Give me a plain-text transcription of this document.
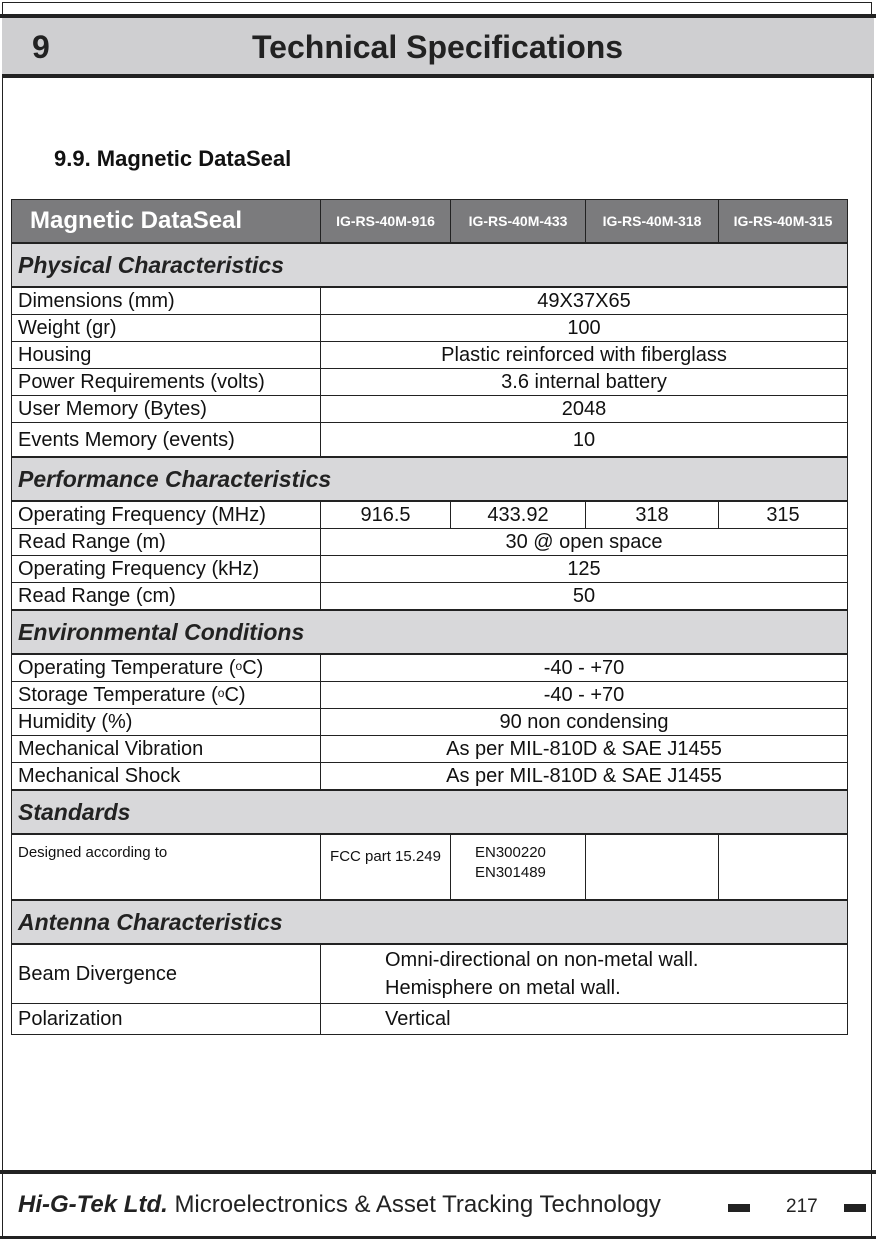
9	Technical Specifications
9.9. Magnetic DataSeal
Magnetic DataSeal	IG-RS-40M-916	IG-RS-40M-433	IG-RS-40M-318	IG-RS-40M-315
Physical Characteristics				
Dimensions (mm)	49X37X65			
Weight (gr)	100			
Housing	Plastic reinforced with fiberglass			
Power Requirements (volts)	3.6 internal battery			
User Memory (Bytes)	2048			
Events Memory (events)	10			
Performance Characteristics				
Operating Frequency (MHz)	916.5	433.92	318	315
Read Range (m)	30 @ open space			
Operating Frequency (kHz)	125			
Read Range (cm)	50			
Environmental Conditions				
Operating Temperature ($^o$C)	-40 - +70			
Storage Temperature ($^o$C)	-40 - +70			
Humidity (%)	90 non condensing			
Mechanical Vibration	As per MIL-810D & SAE J1455			
Mechanical Shock	As per MIL-810D & SAE J1455			
Standards				
Designed according to	FCC part 15.249	EN300220
EN301489		

Antenna Characteristics				
Beam Divergence	Omni-directional on non-metal wall.
Hemisphere on metal wall.			

Polarization	Vertical			
Hi-G-Tek Ltd. Microelectronics & Asset Tracking Technology	217
